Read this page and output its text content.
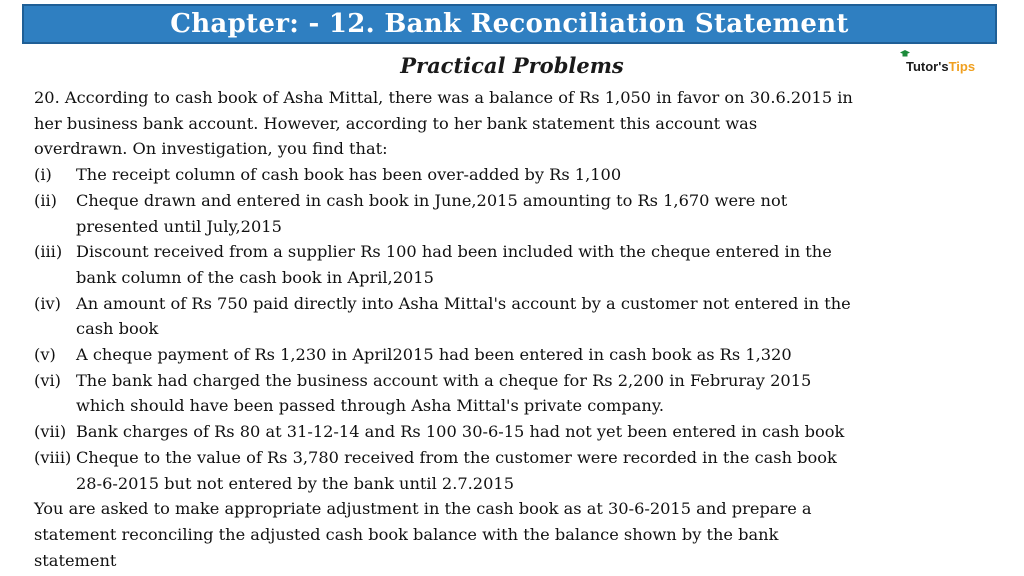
Chapter: - 12. Bank Reconciliation Statement
Practical Problems	Tutor'sTips

20. According to cash book of Asha Mittal, there was a balance of Rs 1,050 in favor on 30.6.2015 in

her business bank account. However, according to her bank statement this account was

overdrawn. On investigation, you find that:

(i)	The receipt column of cash book has been over-added by Rs 1,100
(ii)	Cheque drawn and entered in cash book in June,2015 amounting to Rs 1,670 were not
presented until July,2015
(iii) Discount received from a supplier Rs 100 had been included with the cheque entered in the
bank column of the cash book in April,2015
(iv) An amount of Rs 750 paid directly into Asha Mittal's account by a customer not entered in the
cash book
(v)	A cheque payment of Rs 1,230 in April2015 had been entered in cash book as Rs 1,320
(vi) The bank had charged the business account with a cheque for Rs 2,200 in Februray 2015
which should have been passed through Asha Mittal's private company.
(vii) Bank charges of Rs 80 at 31-12-14 and Rs 100 30-6-15 had not yet been entered in cash book
(viii) Cheque to the value of Rs 3,780 received from the customer were recorded in the cash book
28-6-2015 but not entered by the bank until 2.7.2015

You are asked to make appropriate adjustment in the cash book as at 30-6-2015 and prepare a

statement reconciling the adjusted cash book balance with the balance shown by the bank

statement
